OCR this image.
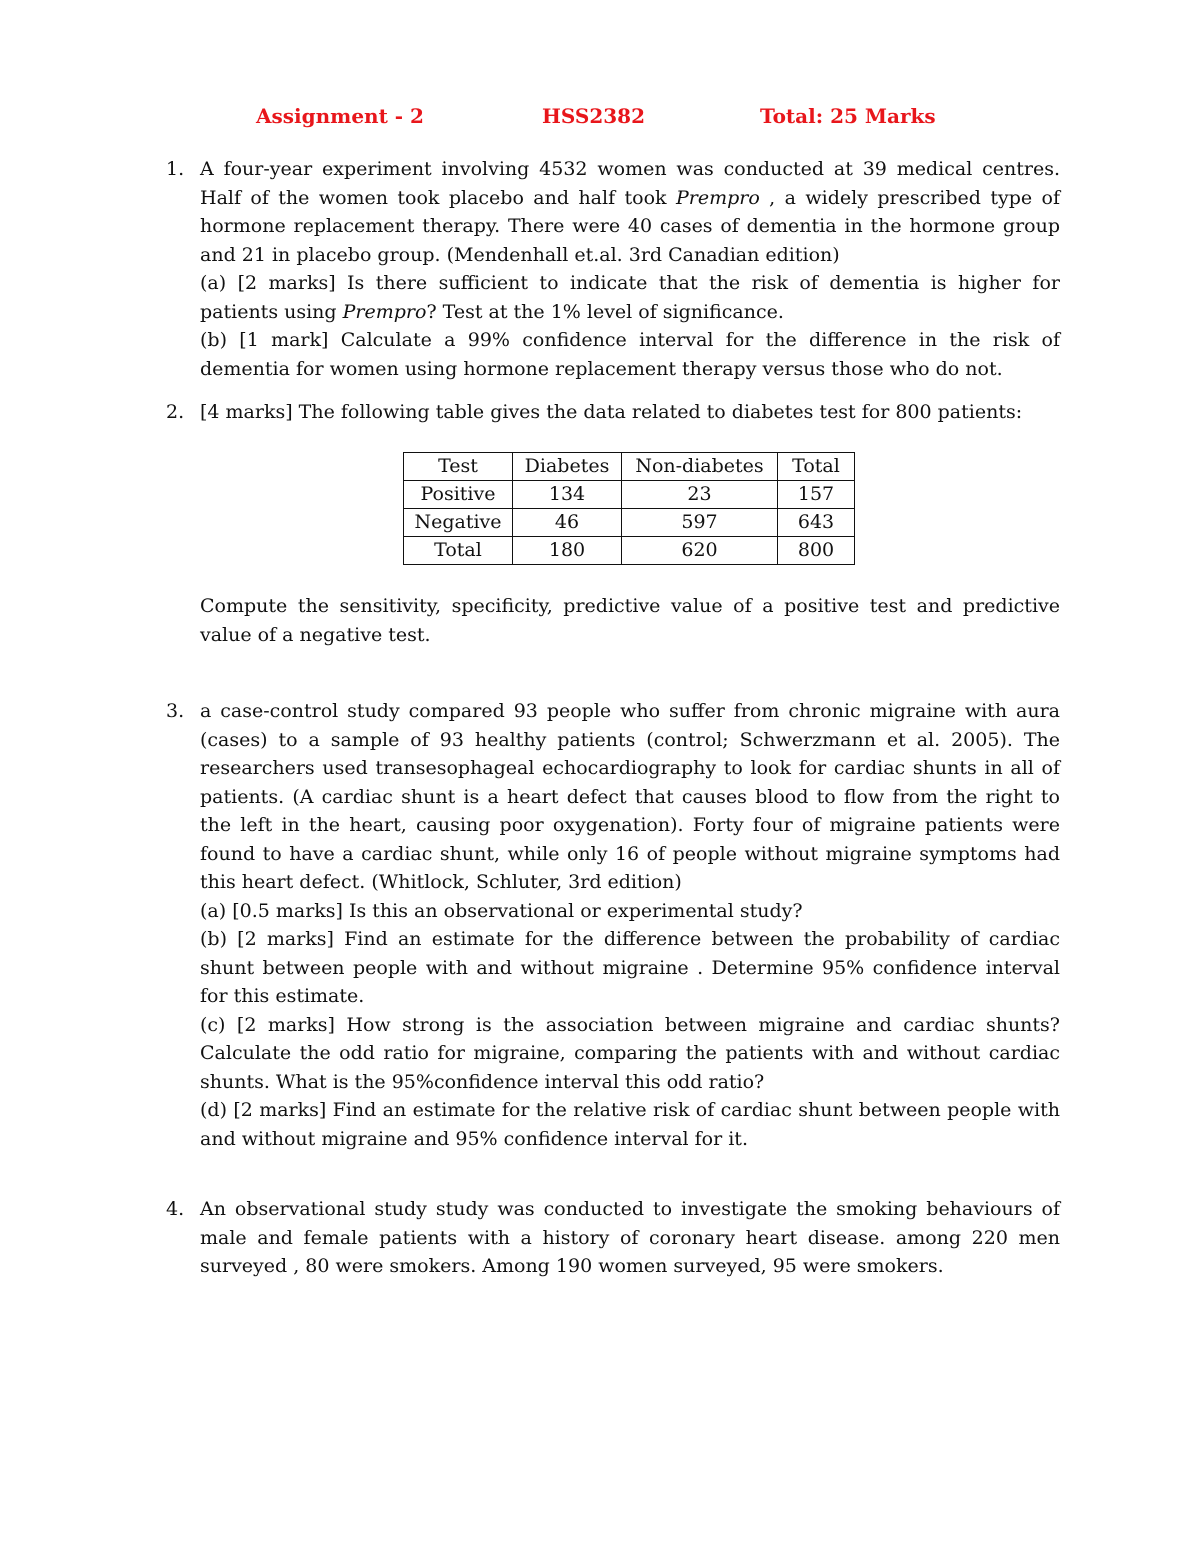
Assignment - 2	HSS2382	Total: 25 Marks
1. A four-year experiment involving 4532 women was conducted at 39 medical centres. Half of the women took placebo and half took Prempro , a widely prescribed type of hormone replacement therapy. There were 40 cases of dementia in the hormone group and 21 in placebo group. (Mendenhall et.al. 3rd Canadian edition)
(a) [2 marks] Is there sufficient to indicate that the risk of dementia is higher for patients using Prempro? Test at the 1% level of significance.
(b) [1 mark] Calculate a 99% confidence interval for the difference in the risk of dementia for women using hormone replacement therapy versus those who do not.
2. [4 marks] The following table gives the data related to diabetes test for 800 patients:
Test	Diabetes	Non-diabetes	Total
Positive	134	23	157
Negative	46	597	643
Total	180	620	800
Compute the sensitivity, specificity, predictive value of a positive test and predictive value of a negative test.
3. a case-control study compared 93 people who suffer from chronic migraine with aura (cases) to a sample of 93 healthy patients (control; Schwerzmann et al. 2005). The researchers used transesophageal echocardiography to look for cardiac shunts in all of patients. (A cardiac shunt is a heart defect that causes blood to flow from the right to the left in the heart, causing poor oxygenation). Forty four of migraine patients were found to have a cardiac shunt, while only 16 of people without migraine symptoms had this heart defect. (Whitlock, Schluter, 3rd edition)
(a) [0.5 marks] Is this an observational or experimental study?
(b) [2 marks] Find an estimate for the difference between the probability of cardiac shunt between people with and without migraine . Determine 95% confidence interval for this estimate.
(c) [2 marks] How strong is the association between migraine and cardiac shunts? Calculate the odd ratio for migraine, comparing the patients with and without cardiac shunts. What is the 95%confidence interval this odd ratio?
(d) [2 marks] Find an estimate for the relative risk of cardiac shunt between people with and without migraine and 95% confidence interval for it.
4. An observational study study was conducted to investigate the smoking behaviours of male and female patients with a history of coronary heart disease. among 220 men surveyed , 80 were smokers. Among 190 women surveyed, 95 were smokers.
